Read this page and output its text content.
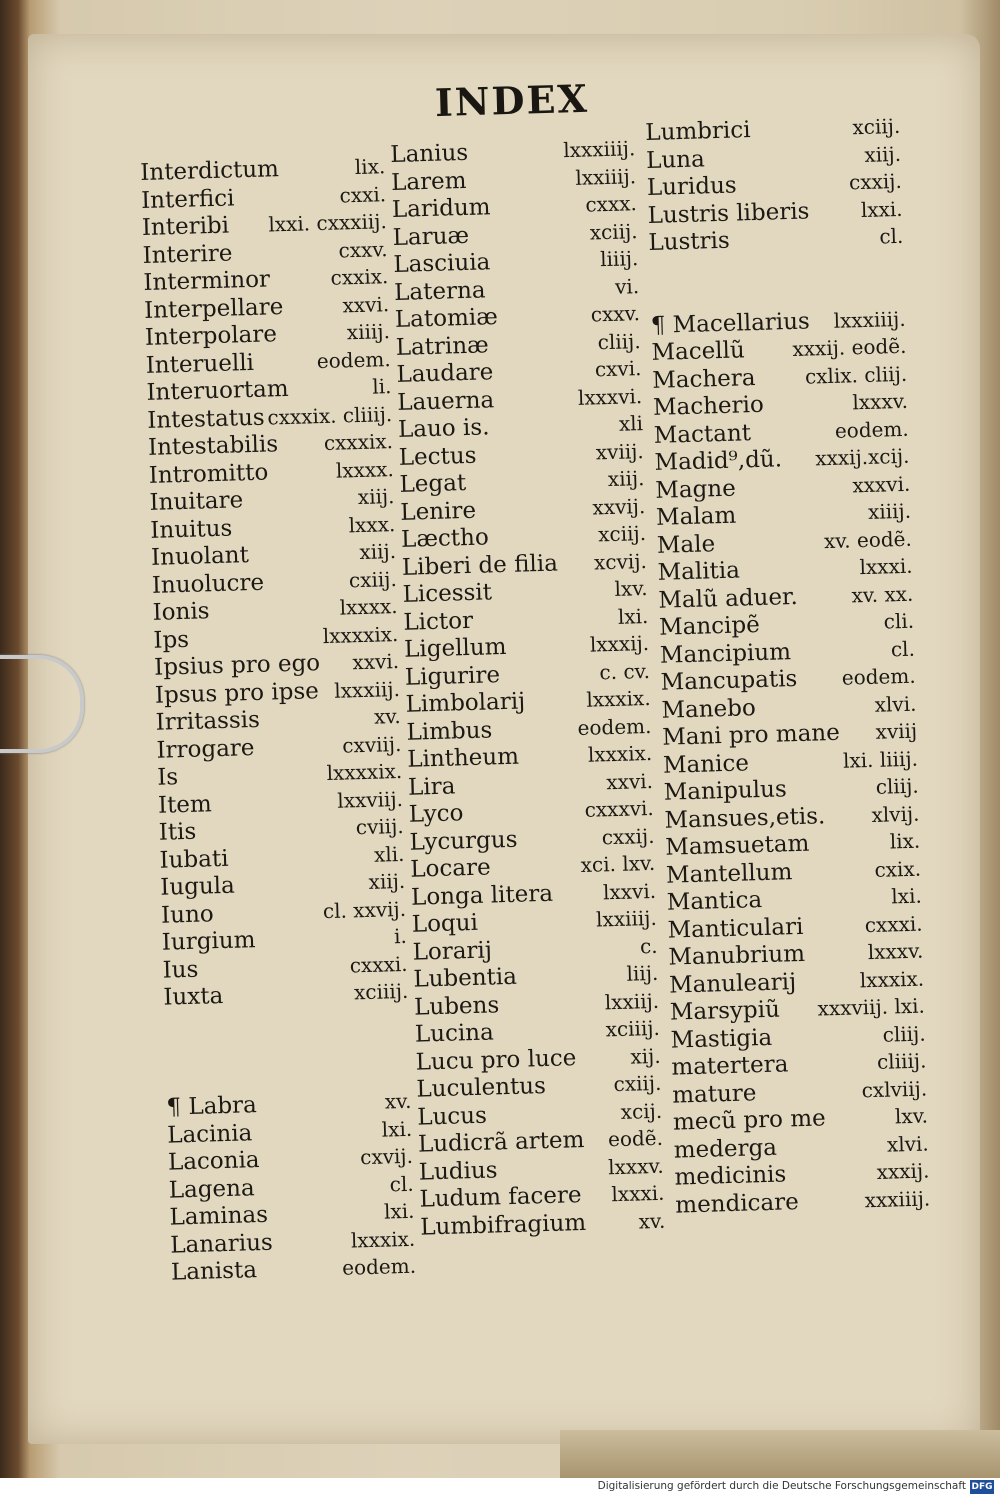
INDEX
Interdictum	lix.
Interfici	cxxi.
Interibi lxxi. cxxxiij.
Interire	cxxv.
Interminor	cxxix.
Interpellare	xxvi.
Interpolare	xiiij.
Interuelli	eodem.
Interuortam	li.
Intestatus cxxxix. cliiij.
Intestabilis cxxxix.
Intromitto	lxxxx.
Inuitare	xiij.
Inuitus	lxxx.
Inuolant	xiij.
Inuolucre	cxiij.
Ionis	lxxxx.
Ips	lxxxxix.
Ipsius pro ego xxvi.
Ipsus pro ipse lxxxiij.
Irritassis	xv.
Irrogare	cxviij.
Is	lxxxxix.
Item	lxxviij.
Itis	cviij.
Iubati	xli.
Iugula	xiij.
Iuno	cl. xxvij.
Iurgium	i.
Ius	cxxxi.
Iuxta	xciiij.
¶ Labra	xv.
Lacinia	lxi.
Laconia	cxvij.
Lagena	cl.
Laminas	lxi.
Lanarius	lxxxix.
Lanista	eodem.
Lanius	lxxxiiij.
Larem	lxxiiij.
Laridum	cxxx.
Laruæ	xciij.
Lasciuia	liiij.
Laterna	vi.
Latomiæ	cxxv.
Latrinæ	cliij.
Laudare	cxvi.
Lauerna	lxxxvi.
Lauo is.	xli
Lectus	xviij.
Legat	xiij.
Lenire	xxvij.
Læctho	xciij.
Liberi de filia xcvij.
Licessit	lxv.
Lictor	lxi.
Ligellum	lxxxij.
Ligurire	c. cv.
Limbolarij	lxxxix.
Limbus	eodem.
Lintheum	lxxxix.
Lira	xxvi.
Lyco	cxxxvi.
Lycurgus	cxxij.
Locare	xci. lxv.
Longa litera lxxvi.
Loqui	lxxiiij.
Lorarij	c.
Lubentia	liij.
Lubens	lxxiij.
Lucina	xciiij.
Lucu pro luce	xij.
Luculentus	cxiij.
Lucus	xcij.
Ludicrã artem eodẽ.
Ludius	lxxxv.
Ludum facere lxxxi.
Lumbifragium	xv.
Lumbrici	xciij.
Luna	xiij.
Luridus	cxxij.
Lustris liberis	lxxi.
Lustris	cl.
¶ Macellarius lxxxiiij.
Macellũ xxxij. eodẽ.
Machera cxlix. cliij.
Macherio	lxxxv.
Mactant	eodem.
Madid⁹,dũ. xxxij.xcij.
Magne	xxxvi.
Malam	xiiij.
Male	xv. eodẽ.
Malitia	lxxxi.
Malũ aduer.	xv. xx.
Mancipẽ	cli.
Mancipium	cl.
Mancupatis eodem.
Manebo	xlvi.
Mani pro mane xviij
Manice	lxi. liiij.
Manipulus	cliij.
Mansues,etis. xlvij.
Mamsuetam	lix.
Mantellum	cxix.
Mantica	lxi.
Manticulari	cxxxi.
Manubrium	lxxxv.
Manulearij	lxxxix.
Marsypiũ xxxviij. lxi.
Mastigia	cliij.
matertera	cliiij.
mature	cxlviij.
mecũ pro me	lxv.
mederga	xlvi.
medicinis	xxxij.
mendicare	xxxiiij.
Digitalisierung gefördert durch die Deutsche Forschungsgemeinschaft DFG
